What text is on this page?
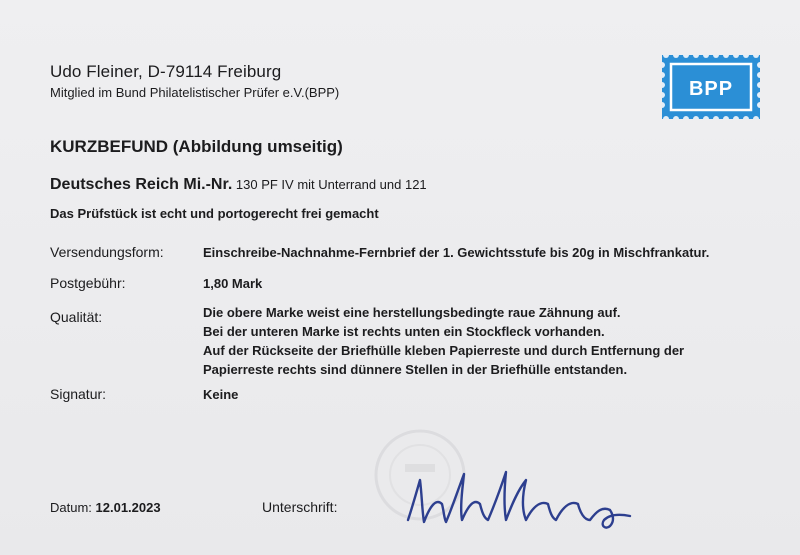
Udo Fleiner, D-79114 Freiburg
Mitglied im Bund Philatelistischer Prüfer e.V.(BPP)	BPP
KURZBEFUND (Abbildung umseitig)
Deutsches Reich Mi.-Nr. 130 PF IV mit Unterrand und 121
Das Prüfstück ist echt und portogerecht frei gemacht
Versendungsform:	Einschreibe-Nachnahme-Fernbrief der 1. Gewichtsstufe bis 20g in Mischfrankatur.
Postgebühr:	1,80 Mark
Qualität:	Die obere Marke weist eine herstellungsbedingte raue Zähnung auf.
Bei der unteren Marke ist rechts unten ein Stockfleck vorhanden.
Auf der Rückseite der Briefhülle kleben Papierreste und durch Entfernung der
Papierreste rechts sind dünnere Stellen in der Briefhülle entstanden.
Signatur:	Keine
Datum: 12.01.2023	Unterschrift:
